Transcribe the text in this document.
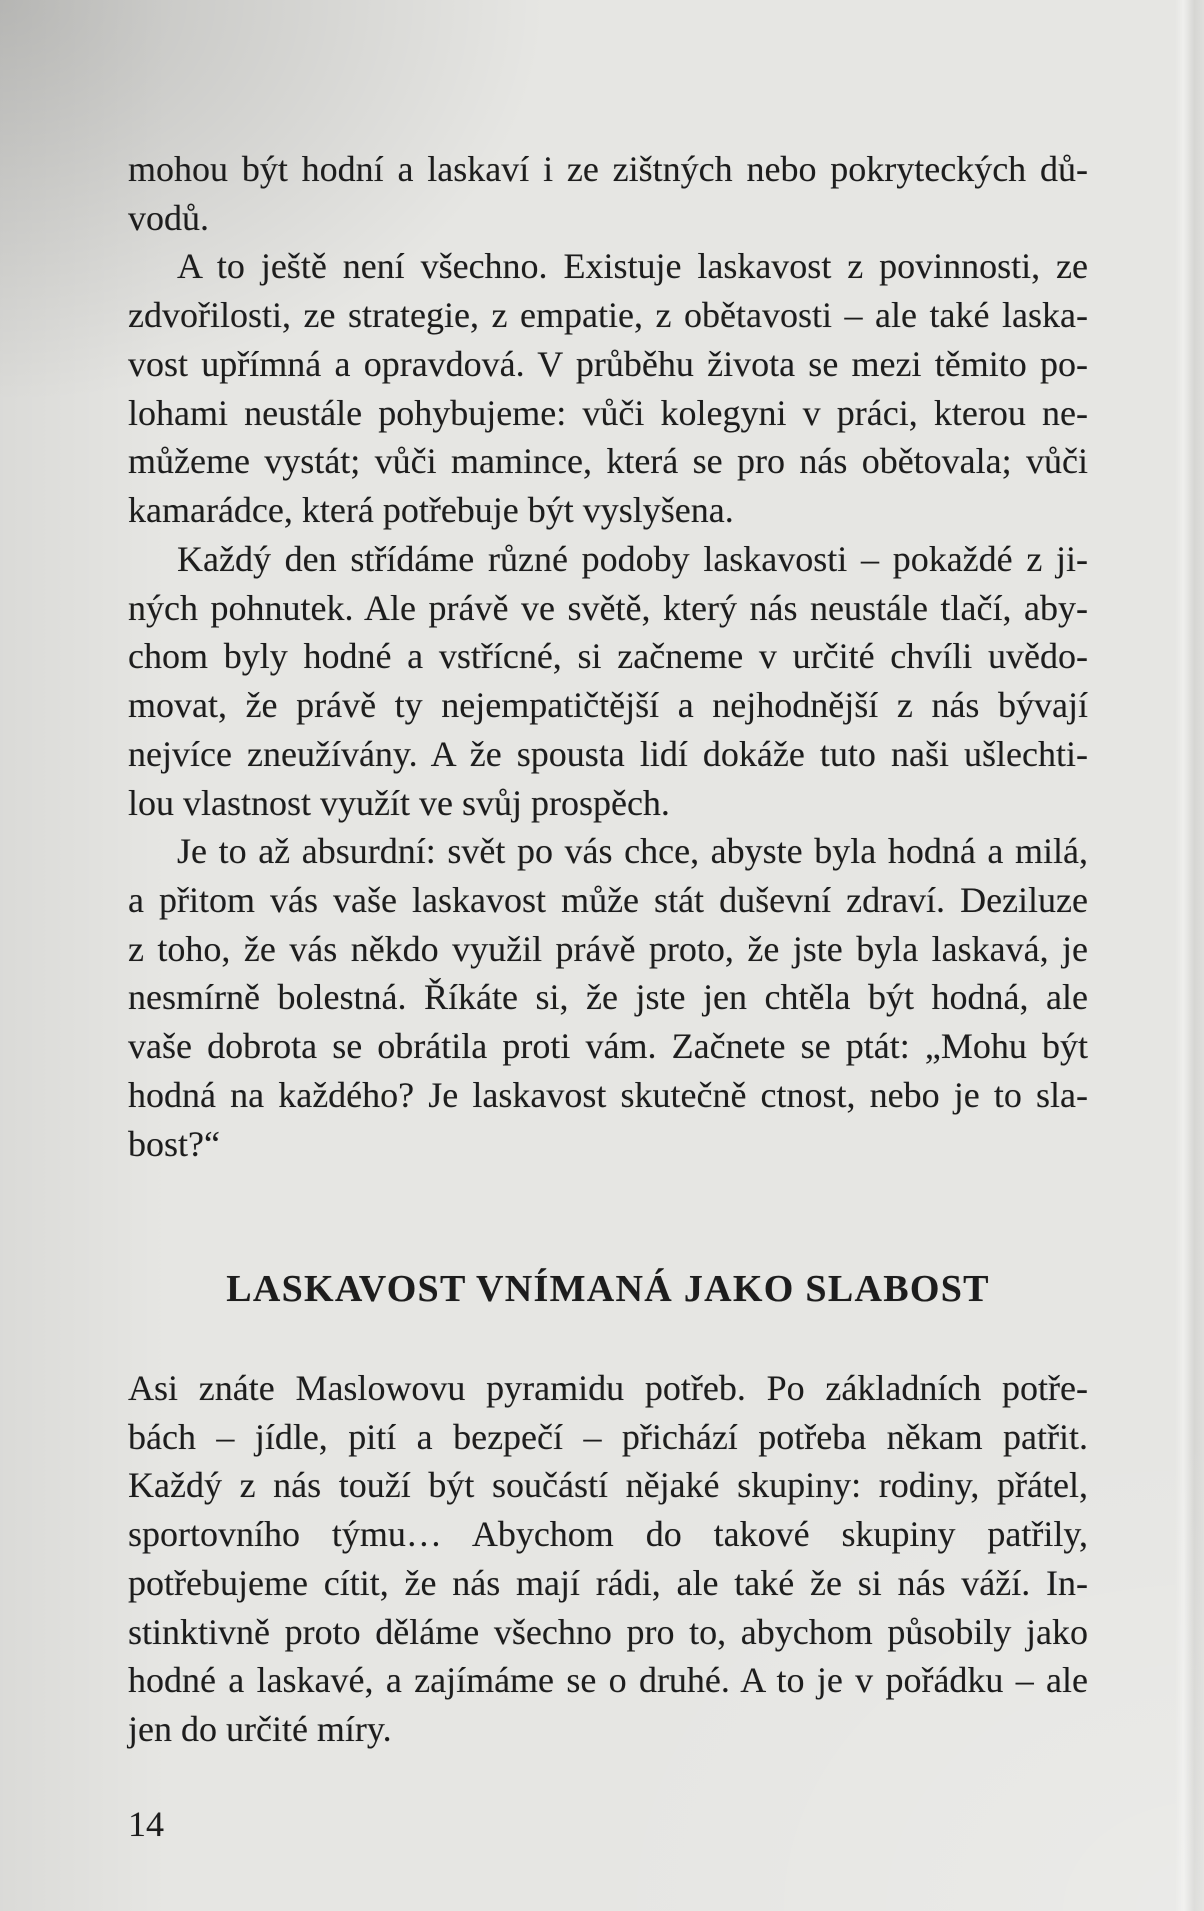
mohou být hodní a laskaví i ze zištných nebo pokryteckých dů-
vodů.
A to ještě není všechno. Existuje laskavost z povinnosti, ze
zdvořilosti, ze strategie, z empatie, z obětavosti – ale také laska-
vost upřímná a opravdová. V průběhu života se mezi těmito po-
lohami neustále pohybujeme: vůči kolegyni v práci, kterou ne-
můžeme vystát; vůči mamince, která se pro nás obětovala; vůči
kamarádce, která potřebuje být vyslyšena.
Každý den střídáme různé podoby laskavosti – pokaždé z ji-
ných pohnutek. Ale právě ve světě, který nás neustále tlačí, aby-
chom byly hodné a vstřícné, si začneme v určité chvíli uvědo-
movat, že právě ty nejempatičtější a nejhodnější z nás bývají
nejvíce zneužívány. A že spousta lidí dokáže tuto naši ušlechti-
lou vlastnost využít ve svůj prospěch.
Je to až absurdní: svět po vás chce, abyste byla hodná a milá,
a přitom vás vaše laskavost může stát duševní zdraví. Deziluze
z toho, že vás někdo využil právě proto, že jste byla laskavá, je
nesmírně bolestná. Říkáte si, že jste jen chtěla být hodná, ale
vaše dobrota se obrátila proti vám. Začnete se ptát: „Mohu být
hodná na každého? Je laskavost skutečně ctnost, nebo je to sla-
bost?“
LASKAVOST VNÍMANÁ JAKO SLABOST
Asi znáte Maslowovu pyramidu potřeb. Po základních potře-
bách – jídle, pití a bezpečí – přichází potřeba někam patřit.
Každý z nás touží být součástí nějaké skupiny: rodiny, přátel,
sportovního týmu… Abychom do takové skupiny patřily,
potřebujeme cítit, že nás mají rádi, ale také že si nás váží. In-
stinktivně proto děláme všechno pro to, abychom působily jako
hodné a laskavé, a zajímáme se o druhé. A to je v pořádku – ale
jen do určité míry.
14
